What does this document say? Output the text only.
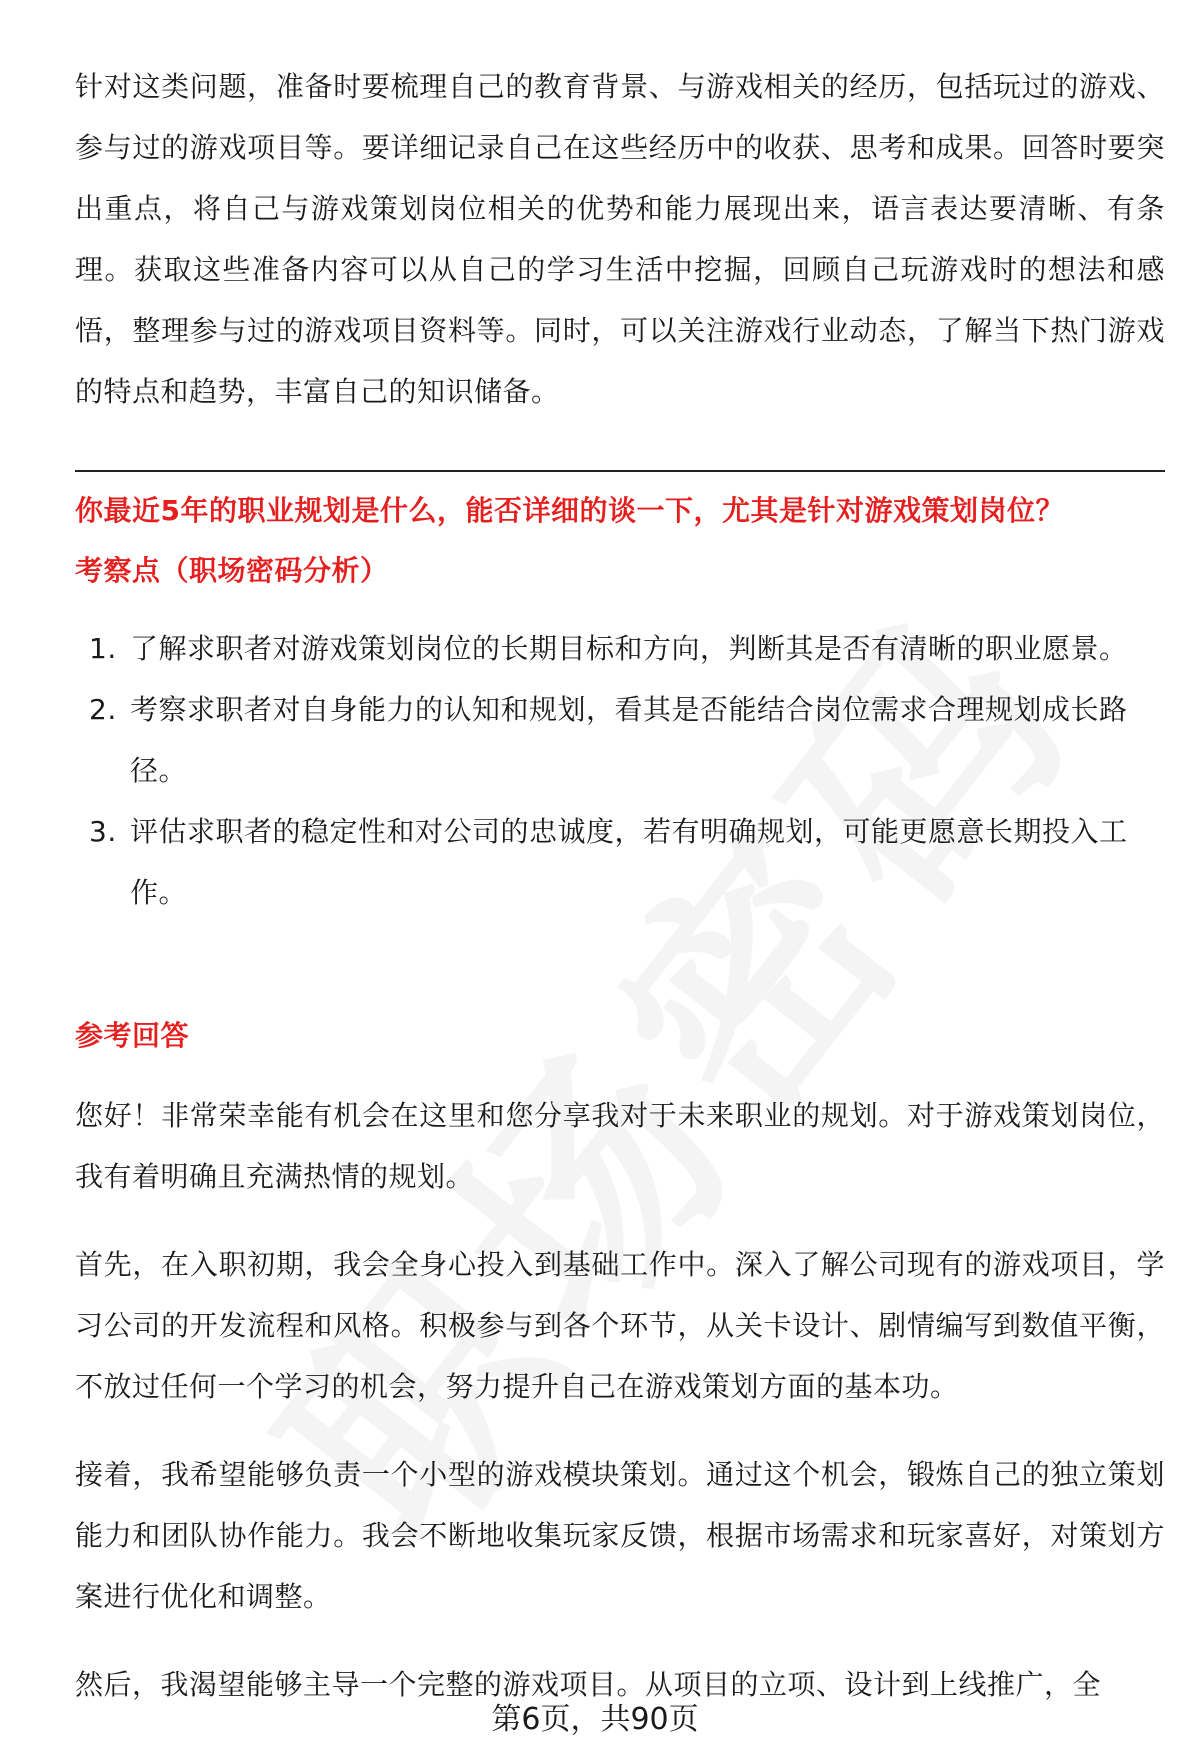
针对这类问题，准备时要梳理自己的教育背景、与游戏相关的经历，包括玩过的游戏、参与过的游戏项目等。要详细记录自己在这些经历中的收获、思考和成果。回答时要突出重点，将自己与游戏策划岗位相关的优势和能力展现出来，语言表达要清晰、有条理。获取这些准备内容可以从自己的学习生活中挖掘，回顾自己玩游戏时的想法和感悟，整理参与过的游戏项目资料等。同时，可以关注游戏行业动态，了解当下热门游戏的特点和趋势，丰富自己的知识储备。

你最近5年的职业规划是什么，能否详细的谈一下，尤其是针对游戏策划岗位？
考察点（职场密码分析）
1. 了解求职者对游戏策划岗位的长期目标和方向，判断其是否有清晰的职业愿景。
2. 考察求职者对自身能力的认知和规划，看其是否能结合岗位需求合理规划成长路径。
3. 评估求职者的稳定性和对公司的忠诚度，若有明确规划，可能更愿意长期投入工作。
参考回答

您好！非常荣幸能有机会在这里和您分享我对于未来职业的规划。对于游戏策划岗位，我有着明确且充满热情的规划。

首先，在入职初期，我会全身心投入到基础工作中。深入了解公司现有的游戏项目，学习公司的开发流程和风格。积极参与到各个环节，从关卡设计、剧情编写到数值平衡，不放过任何一个学习的机会，努力提升自己在游戏策划方面的基本功。

接着，我希望能够负责一个小型的游戏模块策划。通过这个机会，锻炼自己的独立策划能力和团队协作能力。我会不断地收集玩家反馈，根据市场需求和玩家喜好，对策划方案进行优化和调整。

然后，我渴望能够主导一个完整的游戏项目。从项目的立项、设计到上线推广，全

第6页，共90页
